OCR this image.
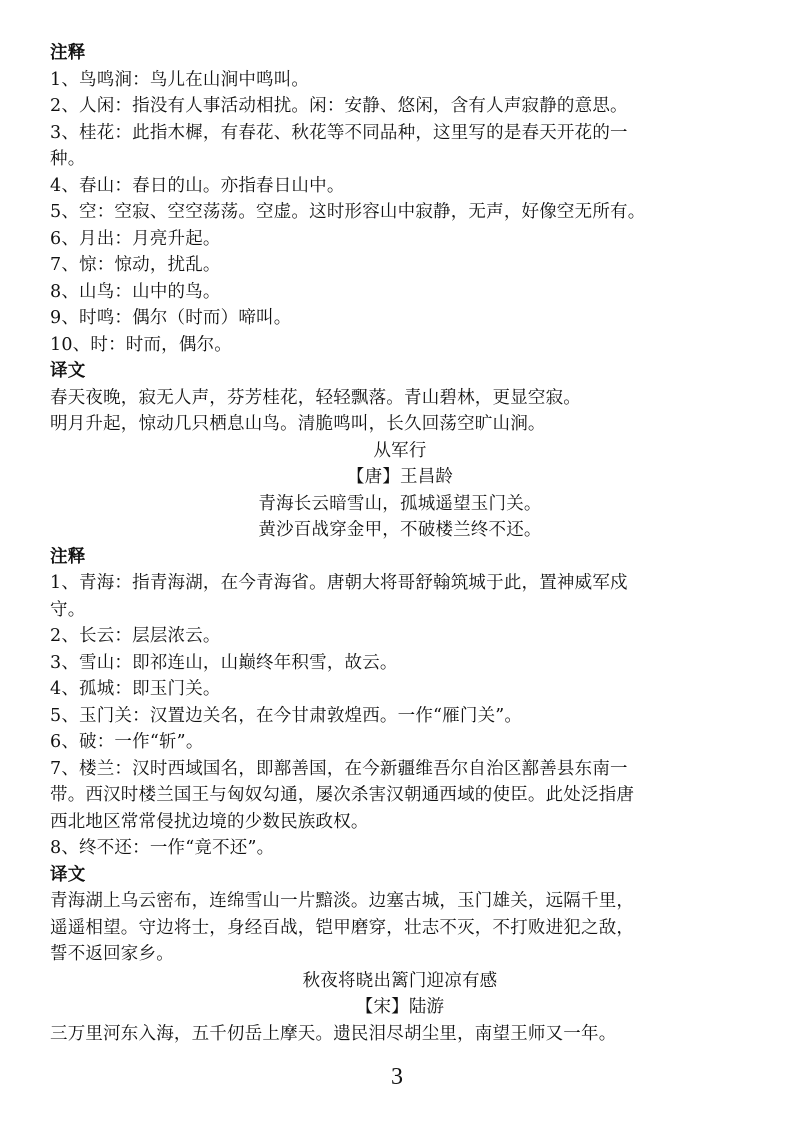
注释
1、鸟鸣涧：鸟儿在山涧中鸣叫。
2、人闲：指没有人事活动相扰。闲：安静、悠闲，含有人声寂静的意思。
3、桂花：此指木樨，有春花、秋花等不同品种，这里写的是春天开花的一
种。
4、春山：春日的山。亦指春日山中。
5、空：空寂、空空荡荡。空虚。这时形容山中寂静，无声，好像空无所有。
6、月出：月亮升起。
7、惊：惊动，扰乱。
8、山鸟：山中的鸟。
9、时鸣：偶尔（时而）啼叫。
10、时：时而，偶尔。
译文
春天夜晚，寂无人声，芬芳桂花，轻轻飘落。青山碧林，更显空寂。
明月升起，惊动几只栖息山鸟。清脆鸣叫，长久回荡空旷山涧。
从军行
【唐】王昌龄
青海长云暗雪山，孤城遥望玉门关。
黄沙百战穿金甲，不破楼兰终不还。
注释
1、青海：指青海湖，在今青海省。唐朝大将哥舒翰筑城于此，置神威军戍
守。
2、长云：层层浓云。
3、雪山：即祁连山，山巅终年积雪，故云。
4、孤城：即玉门关。
5、玉门关：汉置边关名，在今甘肃敦煌西。一作“雁门关”。
6、破：一作“斩”。
7、楼兰：汉时西域国名，即鄯善国，在今新疆维吾尔自治区鄯善县东南一
带。西汉时楼兰国王与匈奴勾通，屡次杀害汉朝通西域的使臣。此处泛指唐
西北地区常常侵扰边境的少数民族政权。
8、终不还：一作“竟不还”。
译文
青海湖上乌云密布，连绵雪山一片黯淡。边塞古城，玉门雄关，远隔千里，
遥遥相望。守边将士，身经百战，铠甲磨穿，壮志不灭，不打败进犯之敌，
誓不返回家乡。
秋夜将晓出篱门迎凉有感
【宋】陆游
三万里河东入海，五千仞岳上摩天。遗民泪尽胡尘里，南望王师又一年。
3
